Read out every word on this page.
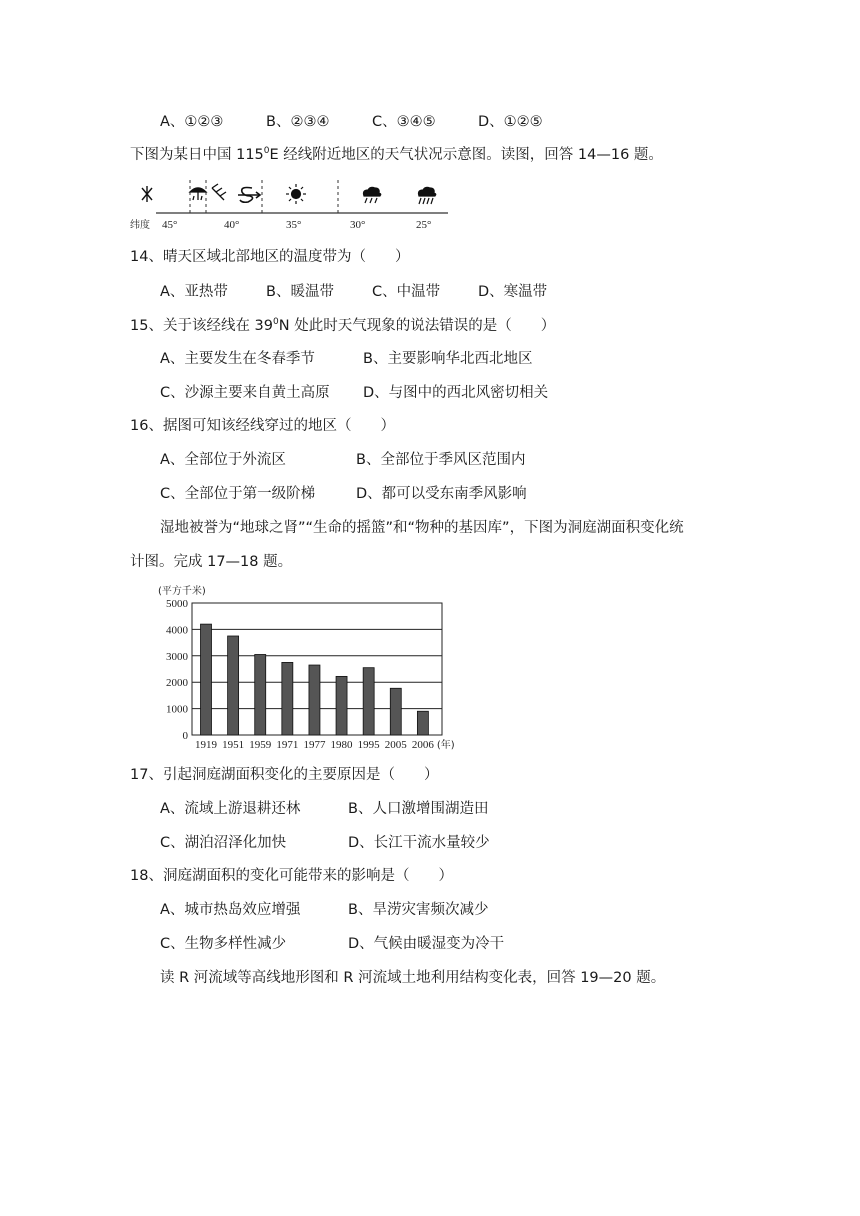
A、①②③	B、②③④	C、③④⑤	D、①②⑤
下图为某日中国 $115^0E$ 经线附近地区的天气状况示意图。读图，回答 14—16 题。
纬度 45°	40°	35°	30°	25°
14、晴天区域北部地区的温度带为（　　）
A、亚热带	B、暖温带	C、中温带	D、寒温带
15、关于该经线在 $39^0N$ 处此时天气现象的说法错误的是（　　）
A、主要发生在冬春季节	B、主要影响华北西北地区
C、沙源主要来自黄土高原 D、与图中的西北风密切相关
16、据图可知该经线穿过的地区（　　）
A、全部位于外流区	B、全部位于季风区范围内
C、全部位于第一级阶梯	D、都可以受东南季风影响
湿地被誉为“地球之肾”“生命的摇篮”和“物种的基因库”，下图为洞庭湖面积变化统
计图。完成 17—18 题。
(平方千米)
5000
4000
3000
2000
1000
0
1919 1951 1959 1971 1977 1980 1995 2005 2006 (年)
17、引起洞庭湖面积变化的主要原因是（　　）
A、流域上游退耕还林	B、人口激增围湖造田
C、湖泊沼泽化加快	D、长江干流水量较少
18、洞庭湖面积的变化可能带来的影响是（　　）
A、城市热岛效应增强	B、旱涝灾害频次减少
C、生物多样性减少	D、气候由暖湿变为冷干
读 R 河流域等高线地形图和 R 河流域土地利用结构变化表，回答 19—20 题。
